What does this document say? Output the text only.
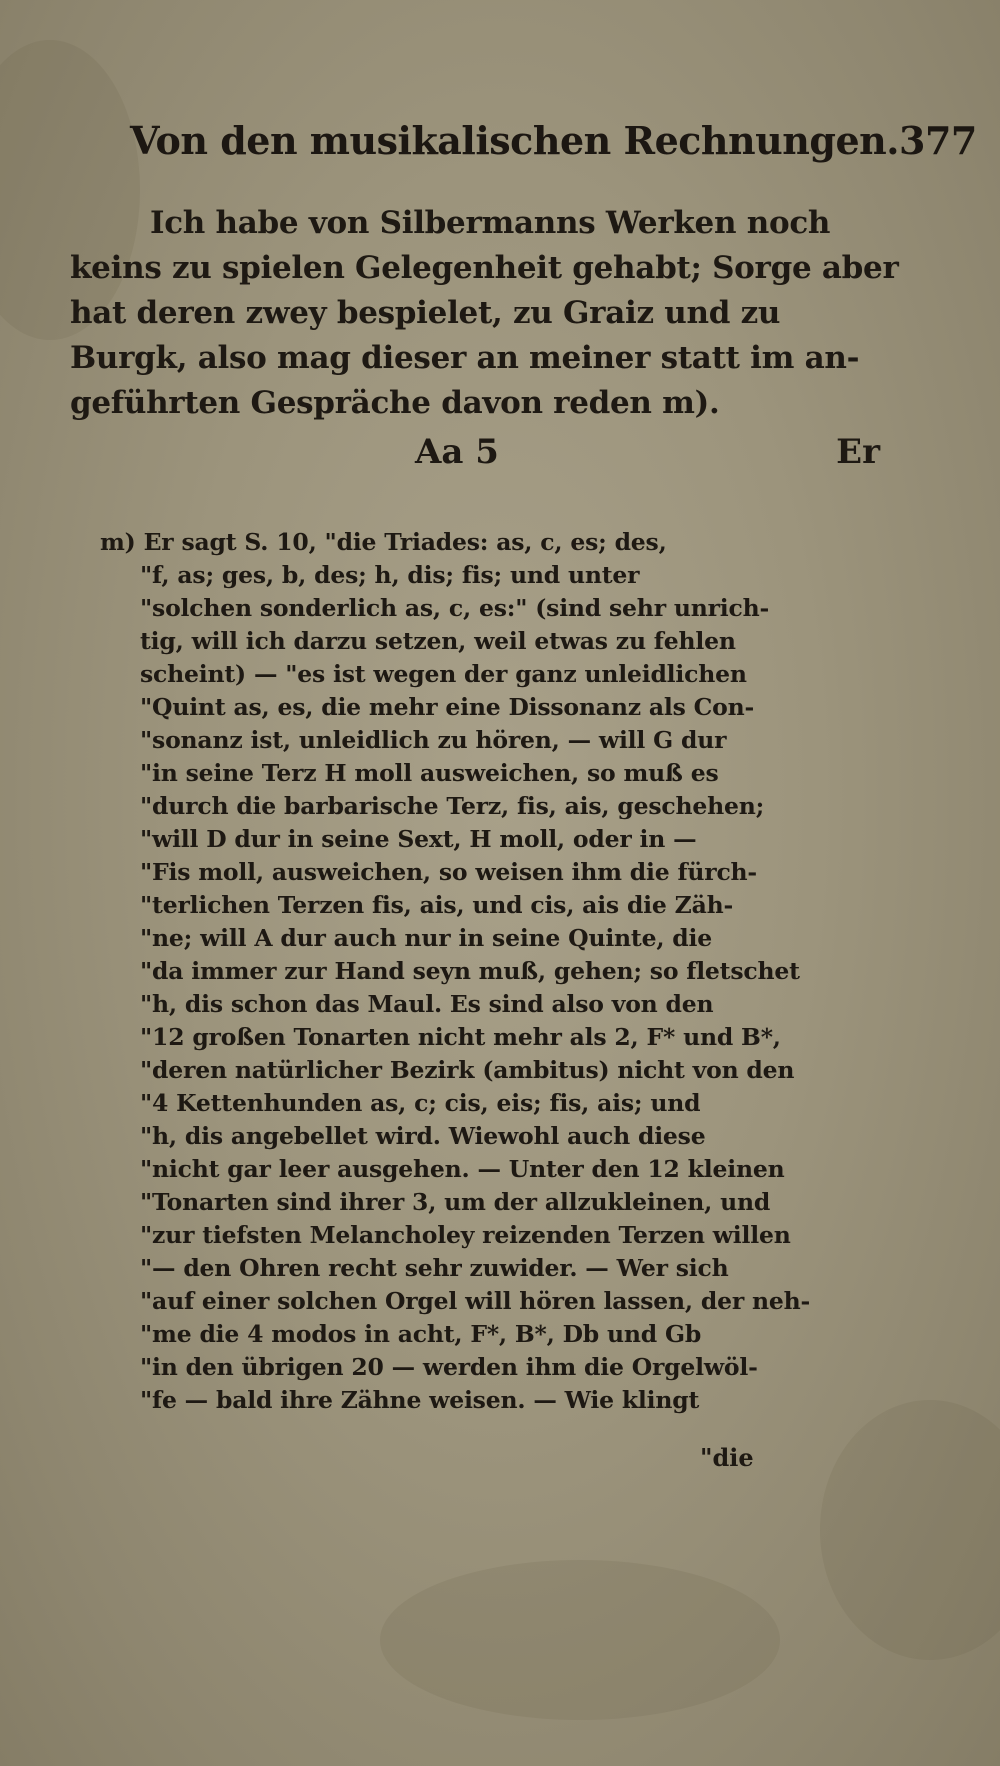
Von den musikalischen Rechnungen. 377
Ich habe von Silbermanns Werken noch
keins zu spielen Gelegenheit gehabt; Sorge aber
hat deren zwey bespielet, zu Graiz und zu
Burgk, also mag dieser an meiner statt im an-
geführten Gespräche davon reden m).
Aa 5	Er
m) Er sagt S. 10, "die Triades: as, c, es; des,
"f, as; ges, b, des; h, dis; fis; und unter
"solchen sonderlich as, c, es:" (sind sehr unrich-
tig, will ich darzu setzen, weil etwas zu fehlen
scheint) — "es ist wegen der ganz unleidlichen
"Quint as, es, die mehr eine Dissonanz als Con-
"sonanz ist, unleidlich zu hören, — will G dur
"in seine Terz H moll ausweichen, so muß es
"durch die barbarische Terz, fis, ais, geschehen;
"will D dur in seine Sext, H moll, oder in —
"Fis moll, ausweichen, so weisen ihm die fürch-
"terlichen Terzen fis, ais, und cis, ais die Zäh-
"ne; will A dur auch nur in seine Quinte, die
"da immer zur Hand seyn muß, gehen; so fletschet
"h, dis schon das Maul. Es sind also von den
"12 großen Tonarten nicht mehr als 2, F* und B*,
"deren natürlicher Bezirk (ambitus) nicht von den
"4 Kettenhunden as, c; cis, eis; fis, ais; und
"h, dis angebellet wird. Wiewohl auch diese
"nicht gar leer ausgehen. — Unter den 12 kleinen
"Tonarten sind ihrer 3, um der allzukleinen, und
"zur tiefsten Melancholey reizenden Terzen willen
"— den Ohren recht sehr zuwider. — Wer sich
"auf einer solchen Orgel will hören lassen, der neh-
"me die 4 modos in acht, F*, B*, Db und Gb
"in den übrigen 20 — werden ihm die Orgelwöl-
"fe — bald ihre Zähne weisen. — Wie klingt
"die
